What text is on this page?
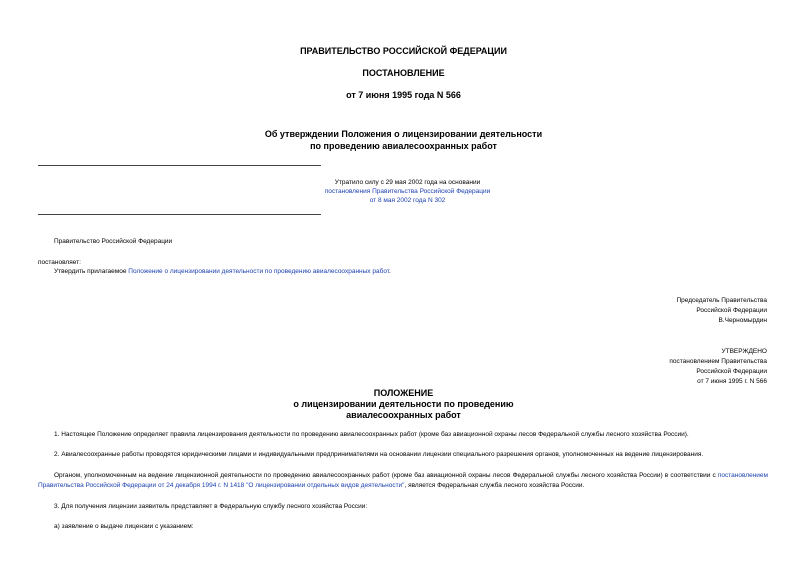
ПРАВИТЕЛЬСТВО РОССИЙСКОЙ ФЕДЕРАЦИИ
ПОСТАНОВЛЕНИЕ
от 7 июня 1995 года N 566
Об утверждении Положения о лицензировании деятельности
по проведению авиалесоохранных работ
Утратило силу с 29 мая 2002 года на основании
постановления Правительства Российской Федерации
от 8 мая 2002 года N 302
Правительство Российской Федерации
постановляет:
Утвердить прилагаемое Положение о лицензировании деятельности по проведению авиалесоохранных работ.
Председатель Правительства
Российской Федерации
В.Черномырдин
УТВЕРЖДЕНО
постановлением Правительства
Российской Федерации
от 7 июня 1995 г. N 566
ПОЛОЖЕНИЕ
о лицензировании деятельности по проведению
авиалесоохранных работ
1. Настоящее Положение определяет правила лицензирования деятельности по проведению авиалесоохранных работ (кроме баз авиационной охраны лесов Федеральной службы лесного хозяйства России).
2. Авиалесоохранные работы проводятся юридическими лицами и индивидуальными предпринимателями на основании лицензии специального разрешения органов, уполномоченных на ведение лицензирования.
Органом, уполномоченным на ведение лицензионной деятельности по проведению авиалесоохранных работ (кроме баз авиационной охраны лесов Федеральной службы лесного хозяйства России) в соответствии с постановлением Правительства Российской Федерации от 24 декабря 1994 г. N 1418 "О лицензировании отдельных видов деятельности", является Федеральная служба лесного хозяйства России.
3. Для получения лицензии заявитель представляет в Федеральную службу лесного хозяйства России:
а) заявление о выдаче лицензии с указанием:
